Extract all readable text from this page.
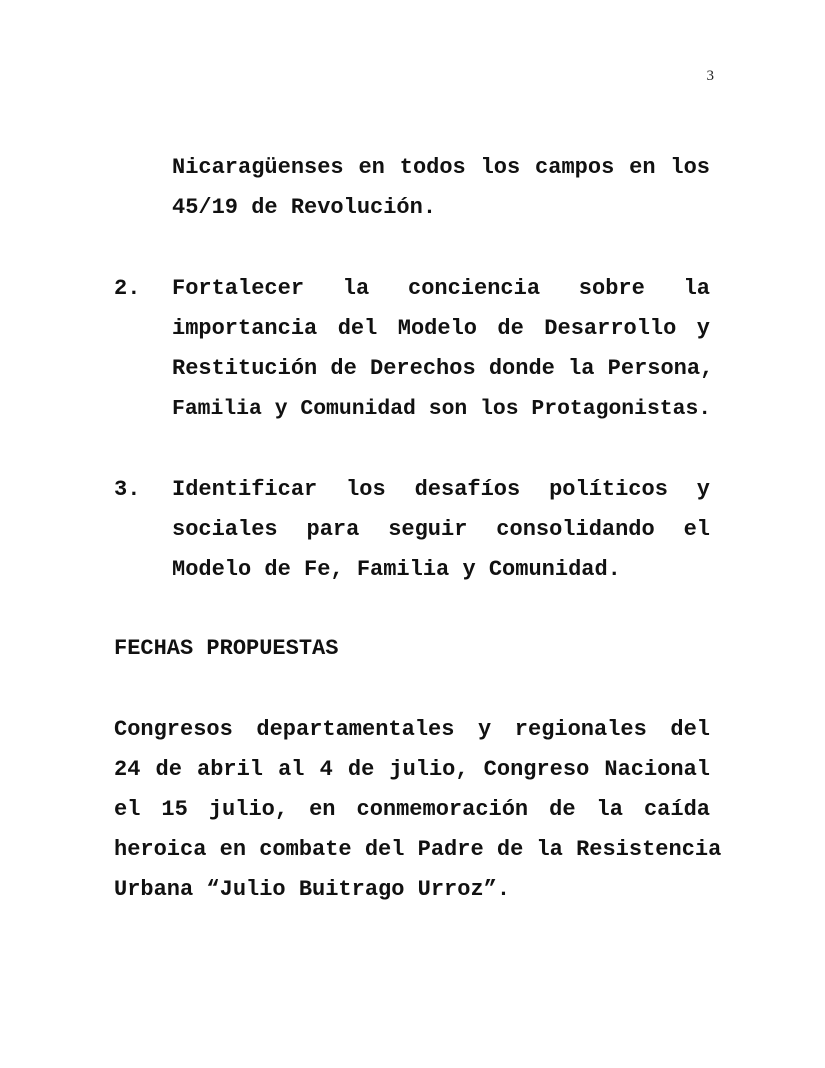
3
Nicaragüenses en todos los campos en los
45/19 de Revolución.
2. Fortalecer la conciencia sobre la
importancia del Modelo de Desarrollo y
Restitución de Derechos donde la Persona,
Familia y Comunidad son los Protagonistas.
3. Identificar los desafíos políticos y
sociales para seguir consolidando el
Modelo de Fe, Familia y Comunidad.
FECHAS PROPUESTAS
Congresos departamentales y regionales del
24 de abril al 4 de julio, Congreso Nacional
el 15 julio, en conmemoración de la caída
heroica en combate del Padre de la Resistencia
Urbana “Julio Buitrago Urroz”.
